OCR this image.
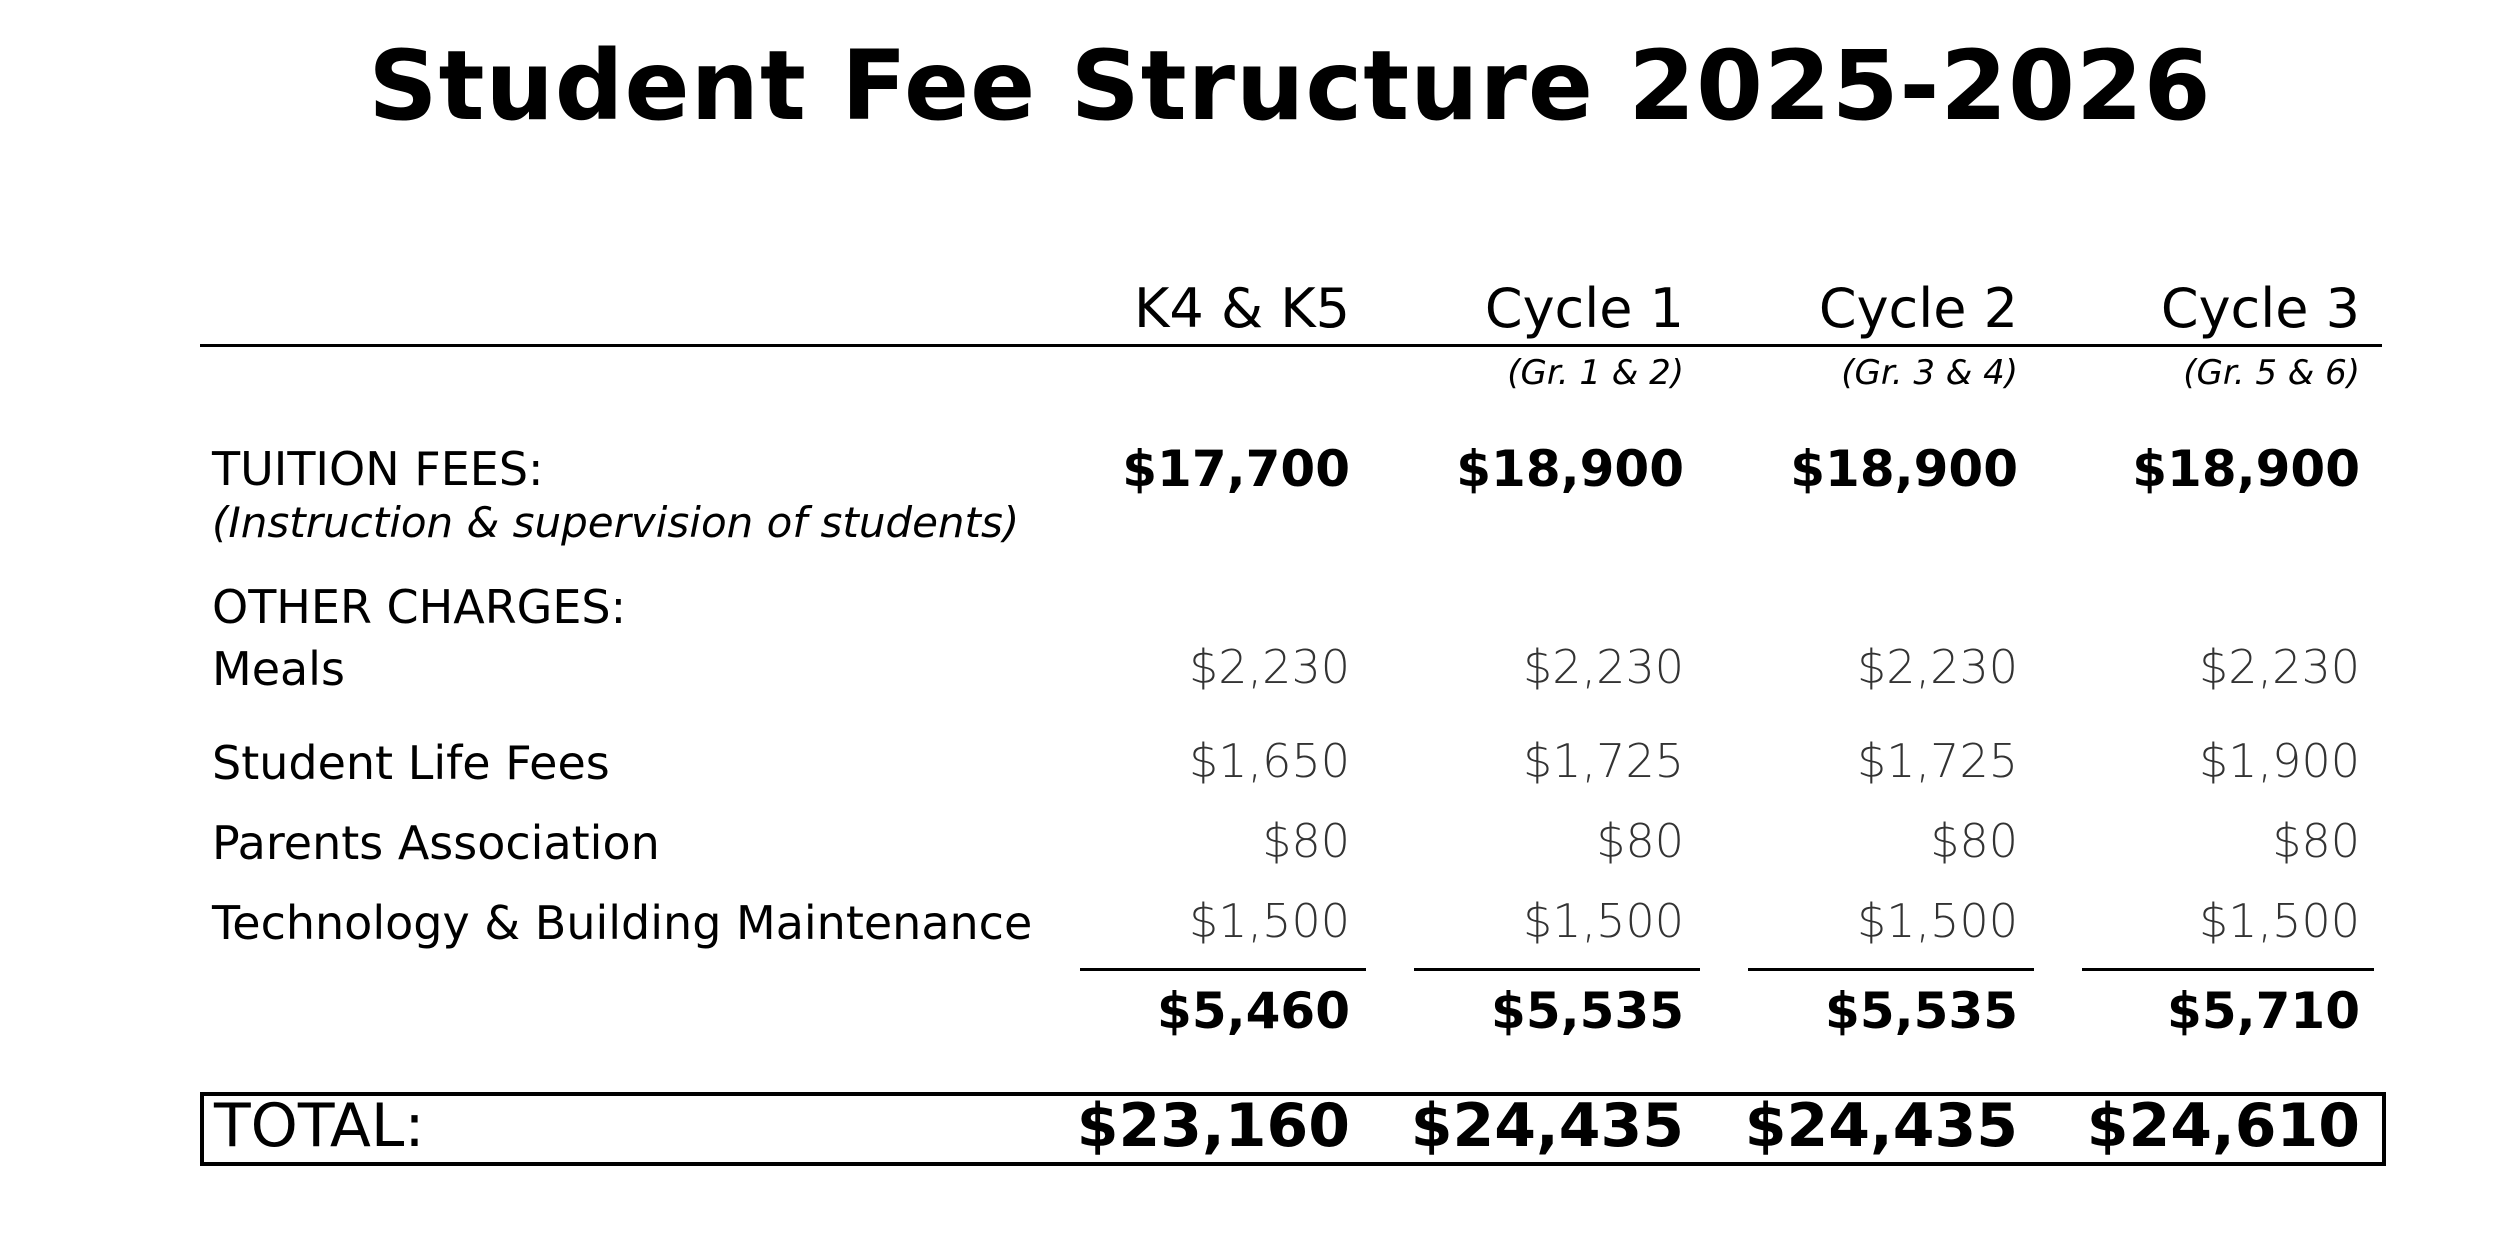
Student Fee Structure 2025-2026
K4 & K5 Cycle 1 Cycle 2	Cycle 3
(Gr. 1 & 2)	(Gr. 3 & 4)	(Gr. 5 & 6)
TUITION FEES:
(Instruction & supervision of students)
$17,700 $18,900 $18,900 $18,900
OTHER CHARGES:
Meals	$2,230	$2,230	$2,230	$2,230
Student Life Fees	$1,650	$1,725	$1,725	$1,900
Parents Association	$80	$80	$80	$80
Technology & Building Maintenance	$1,500	$1,500	$1,500	$1,500
$5,460	$5,535	$5,535	$5,710
TOTAL:	$23,160 $24,435 $24,435 $24,610
